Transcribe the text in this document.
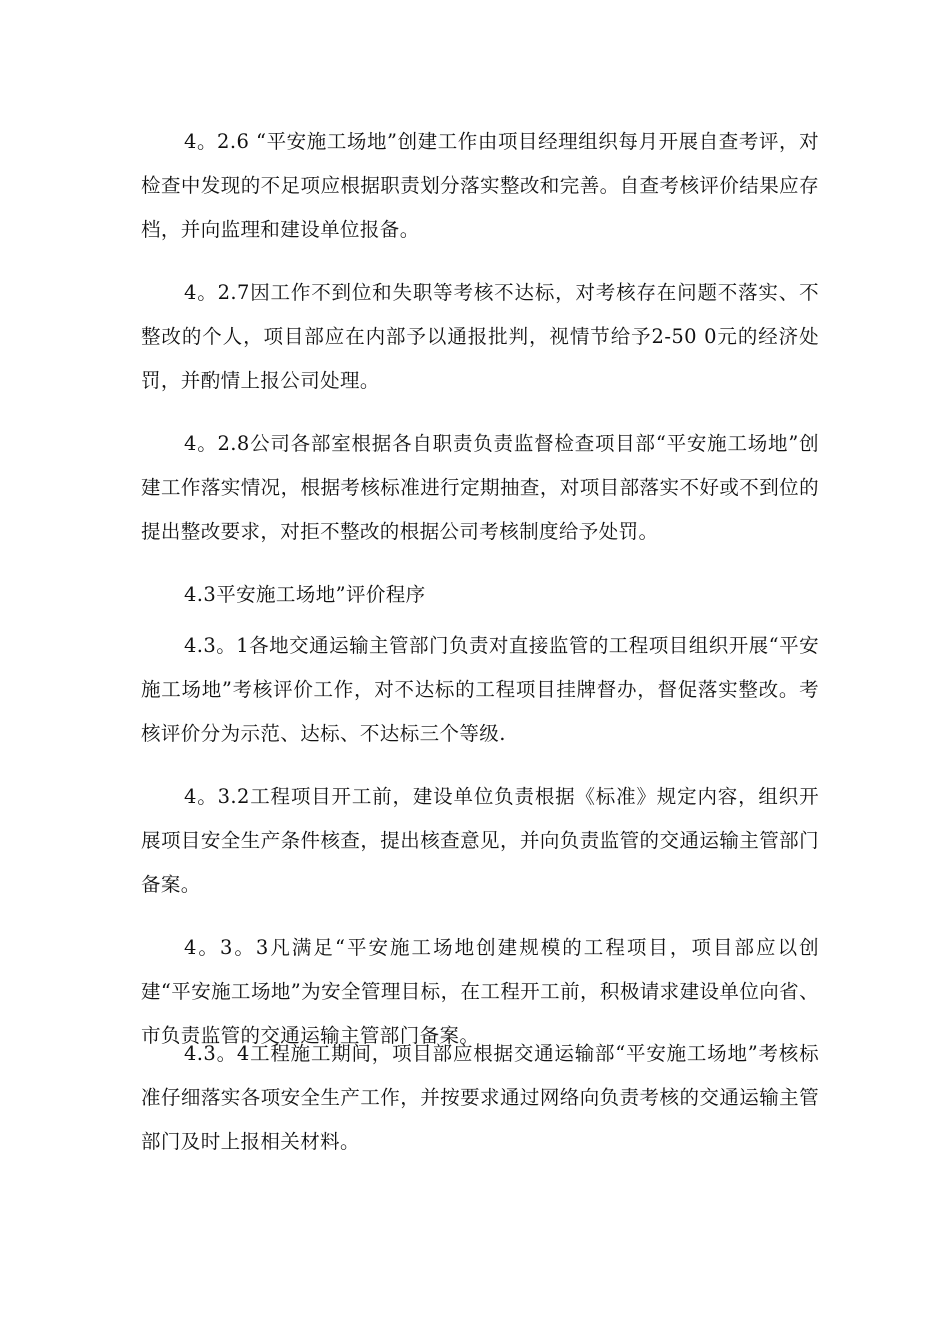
4。2.6 “平安施工场地”创建工作由项目经理组织每月开展自查考评，对检查中发现的不足项应根据职责划分落实整改和完善。自查考核评价结果应存档，并向监理和建设单位报备。

4。2.7因工作不到位和失职等考核不达标，对考核存在问题不落实、不整改的个人，项目部应在内部予以通报批判，视情节给予2-50 0元的经济处罚，并酌情上报公司处理。

4。2.8公司各部室根据各自职责负责监督检查项目部“平安施工场地”创建工作落实情况，根据考核标准进行定期抽查，对项目部落实不好或不到位的提出整改要求，对拒不整改的根据公司考核制度给予处罚。

4.3平安施工场地”评价程序

4.3。1各地交通运输主管部门负责对直接监管的工程项目组织开展“平安施工场地”考核评价工作，对不达标的工程项目挂牌督办，督促落实整改。考核评价分为示范、达标、不达标三个等级.

4。3.2工程项目开工前，建设单位负责根据《标准》规定内容，组织开展项目安全生产条件核查，提出核查意见，并向负责监管的交通运输主管部门备案。

4。3。3凡满足“平安施工场地创建规模的工程项目，项目部应以创建“平安施工场地”为安全管理目标，在工程开工前，积极请求建设单位向省、市负责监管的交通运输主管部门备案。

4.3。4工程施工期间，项目部应根据交通运输部“平安施工场地”考核标准仔细落实各项安全生产工作，并按要求通过网络向负责考核的交通运输主管部门及时上报相关材料。
